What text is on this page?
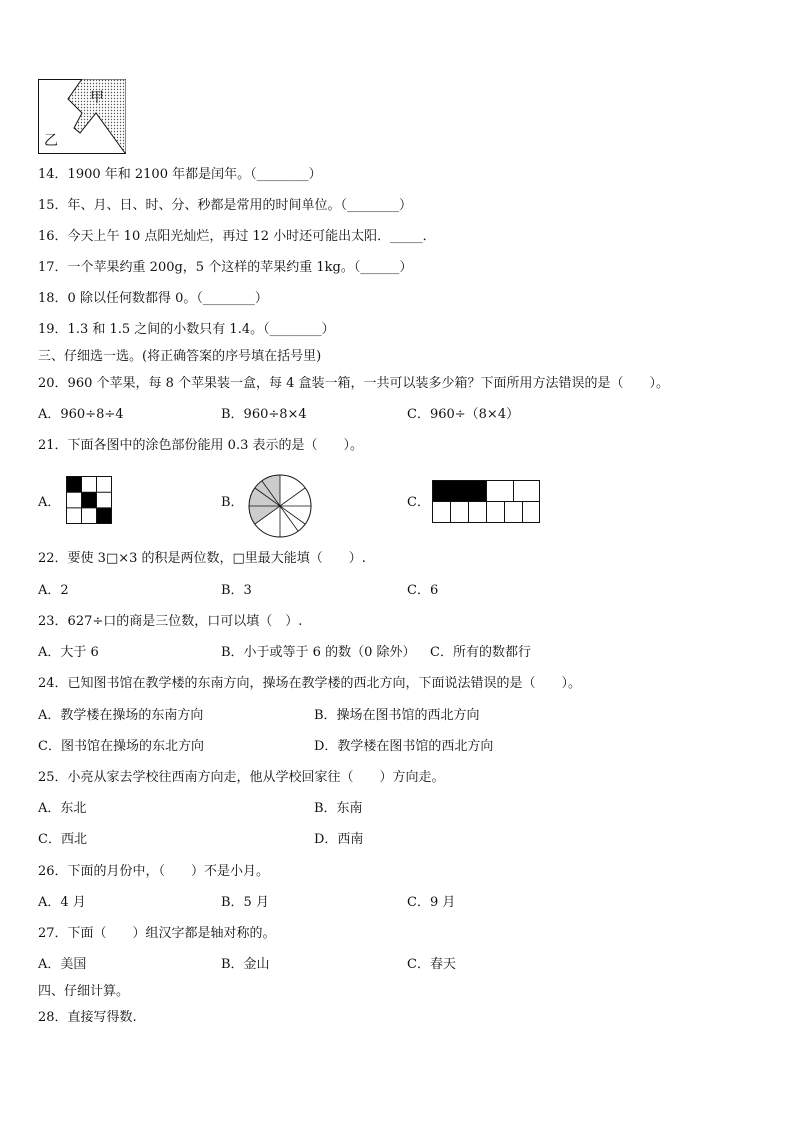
甲
乙
14．1900 年和 2100 年都是闰年。（________）
15．年、月、日、时、分、秒都是常用的时间单位。（________）
16．今天上午 10 点阳光灿烂，再过 12 小时还可能出太阳．_____．
17．一个苹果约重 200g，5 个这样的苹果约重 1kg。（______）
18．0 除以任何数都得 0。（________）
19．1.3 和 1.5 之间的小数只有 1.4。（________）
三、仔细选一选。(将正确答案的序号填在括号里)
20．960 个苹果，每 8 个苹果装一盒，每 4 盒装一箱，一共可以装多少箱？下面所用方法错误的是（　　）。
A．960÷8÷4	B．960÷8×4	C．960÷（8×4）
21．下面各图中的涂色部份能用 0.3 表示的是（　　）。
A．	B．	C．
22．要使 3□×3 的积是两位数，□里最大能填（　　）.
A．2	B．3	C．6
23．627÷口的商是三位数，口可以填（　）.
A．大于 6	B．小于或等于 6 的数（0 除外） C．所有的数都行
24．已知图书馆在教学楼的东南方向，操场在教学楼的西北方向，下面说法错误的是（　　）。
A．教学楼在操场的东南方向	B．操场在图书馆的西北方向
C．图书馆在操场的东北方向	D．教学楼在图书馆的西北方向
25．小亮从家去学校往西南方向走，他从学校回家往（　　）方向走。
A．东北	B．东南
C．西北	D．西南
26．下面的月份中，（　　）不是小月。
A．4 月	B．5 月	C．9 月
27．下面（　　）组汉字都是轴对称的。
A．美国	B．金山	C．春天
四、仔细计算。
28．直接写得数.
